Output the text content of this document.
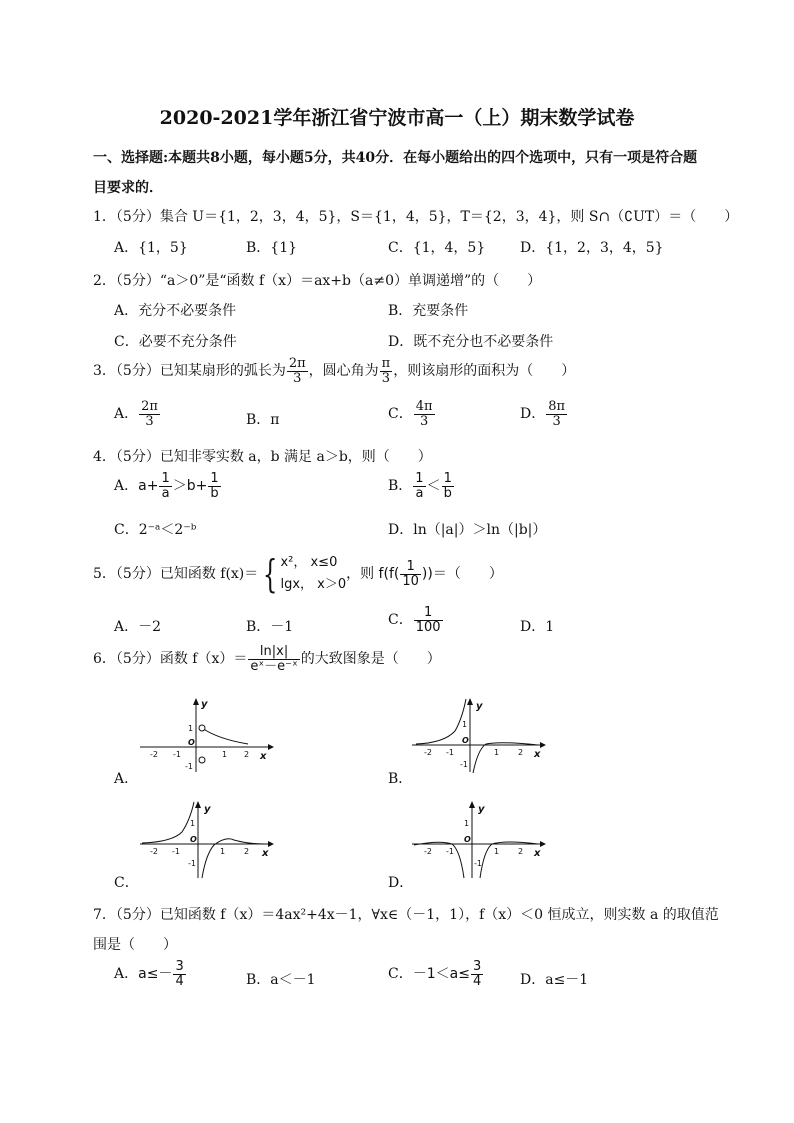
2020-2021学年浙江省宁波市高一（上）期末数学试卷
一、选择题:本题共8小题，每小题5分，共40分．在每小题给出的四个选项中，只有一项是符合题目要求的．
1．（5分）集合 U＝{1，2，3，4，5}，S＝{1，4，5}，T＝{2，3，4}，则 S∩（∁UT）＝（　　）
A．{1，5}	B．{1}	C．{1，4，5} D．{1，2，3，4，5}
2．（5分）“a＞0”是“函数 f（x）＝ax+b（a≠0）单调递增”的（　　）
A．充分不必要条件	B．充要条件
C．必要不充分条件	D．既不充分也不必要条件
3．（5分）已知某扇形的弧长为 $\frac{2\pi}{3}$ ，圆心角为 $\frac{\pi}{3}$ ，则该扇形的面积为（　　）
A． $\frac{2\pi}{3}$	B．π	C． $\frac{4\pi}{3}$	D． $\frac{8\pi}{3}$
4．（5分）已知非零实数 a，b 满足 a＞b，则（　　）
A．$a+ \frac{1}{a} >b+ \frac{1}{b}$	B． $\frac{1}{a} < \frac{1}{b}$
C．2⁻ᵃ＜2⁻ᵇ	D．ln（|a|）＞ln（|b|）
5．（5分）已知函数 f(x)＝ { x²， x≤0
lgx， x＞0
，则 $f(f( \frac{1}{10}$ ))＝（　　）
A．－2	B．－1	C． $\frac{1}{100}$	D．1
6．（5分）函数 $f(x)= \frac{\ln|x|}{\text{eˣ－e⁻ˣ}}$ 的大致图象是（　　）
-2 -1	1 2
1
-1
O
x
y
A．
-2 -1	1 2
1
-1
O
x
y
B．
-2 -1	1 2
1
-1
O
x
y
C．
-2 -1	1 2
1
-1
O
x
y
D．
7．（5分）已知函数 f（x）＝4ax²+4x－1，∀x∈（－1，1），f（x）＜0 恒成立，则实数 a 的取值范
围是（　　）
A．$a\le- \frac{3}{4}$	B．a＜－1	C．$-1<a\le \frac{3}{4}$	D．a≤－1
